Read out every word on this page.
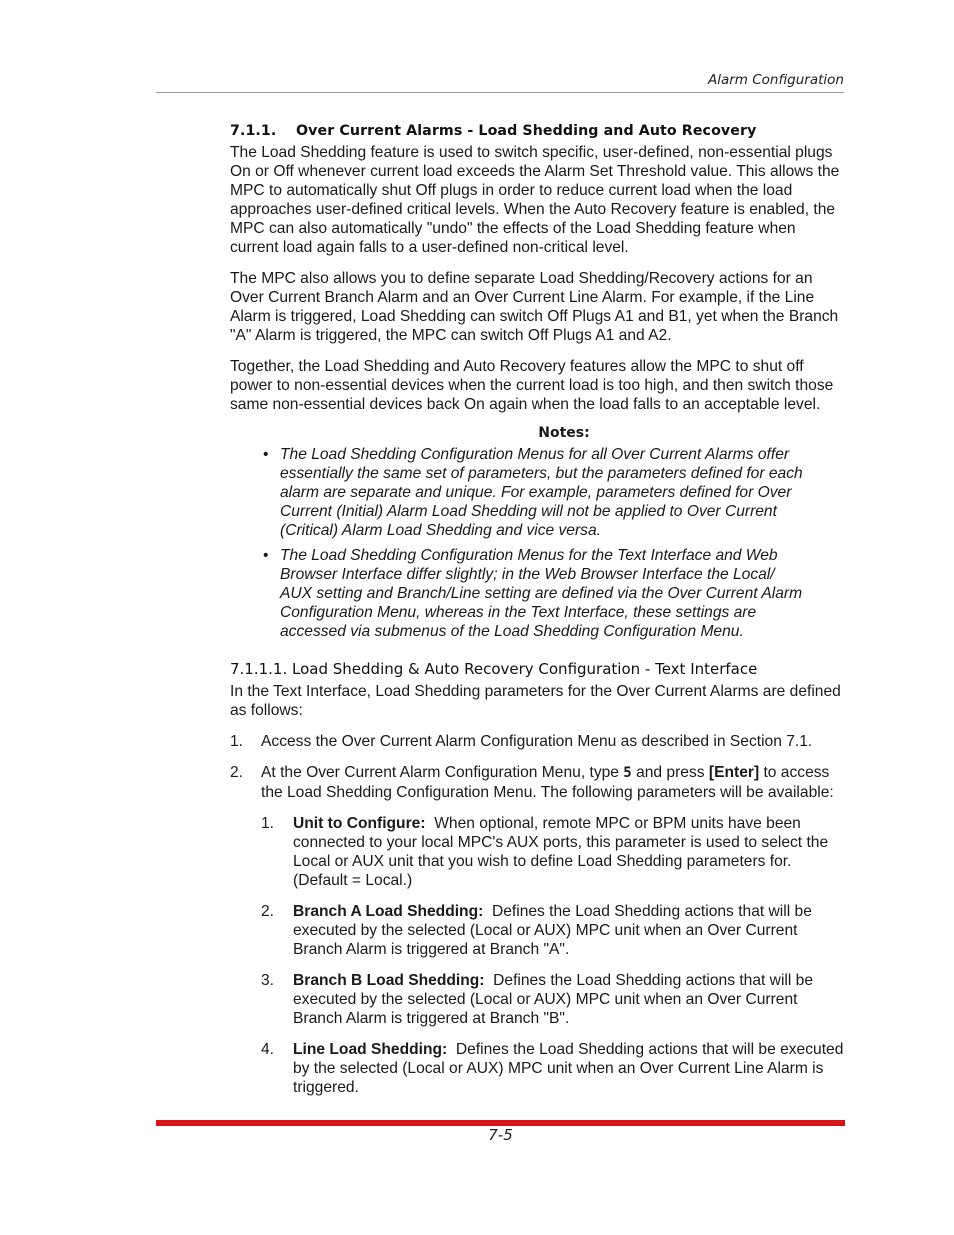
Alarm Configuration
7.1.1. Over Current Alarms - Load Shedding and Auto Recovery

The Load Shedding feature is used to switch specific, user-defined, non-essential plugs On or Off whenever current load exceeds the Alarm Set Threshold value. This allows the MPC to automatically shut Off plugs in order to reduce current load when the load approaches user-defined critical levels. When the Auto Recovery feature is enabled, the MPC can also automatically "undo" the effects of the Load Shedding feature when current load again falls to a user-defined non-critical level.

The MPC also allows you to define separate Load Shedding/Recovery actions for an Over Current Branch Alarm and an Over Current Line Alarm. For example, if the Line Alarm is triggered, Load Shedding can switch Off Plugs A1 and B1, yet when the Branch "A" Alarm is triggered, the MPC can switch Off Plugs A1 and A2.

Together, the Load Shedding and Auto Recovery features allow the MPC to shut off power to non-essential devices when the current load is too high, and then switch those same non-essential devices back On again when the load falls to an acceptable level.

Notes:
• The Load Shedding Configuration Menus for all Over Current Alarms offer essentially the same set of parameters, but the parameters defined for each alarm are separate and unique. For example, parameters defined for Over Current (Initial) Alarm Load Shedding will not be applied to Over Current (Critical) Alarm Load Shedding and vice versa.
• The Load Shedding Configuration Menus for the Text Interface and Web Browser Interface differ slightly; in the Web Browser Interface the Local/ AUX setting and Branch/Line setting are defined via the Over Current Alarm Configuration Menu, whereas in the Text Interface, these settings are accessed via submenus of the Load Shedding Configuration Menu.
7.1.1.1. Load Shedding & Auto Recovery Configuration - Text Interface

In the Text Interface, Load Shedding parameters for the Over Current Alarms are defined as follows:

1. Access the Over Current Alarm Configuration Menu as described in Section 7.1.
2. At the Over Current Alarm Configuration Menu, type 5 and press [Enter] to access the Load Shedding Configuration Menu. The following parameters will be available:
1. Unit to Configure:  When optional, remote MPC or BPM units have been connected to your local MPC's AUX ports, this parameter is used to select the Local or AUX unit that you wish to define Load Shedding parameters for. (Default = Local.)
2. Branch A Load Shedding:  Defines the Load Shedding actions that will be executed by the selected (Local or AUX) MPC unit when an Over Current Branch Alarm is triggered at Branch "A".
3. Branch B Load Shedding:  Defines the Load Shedding actions that will be executed by the selected (Local or AUX) MPC unit when an Over Current Branch Alarm is triggered at Branch "B".
4. Line Load Shedding:  Defines the Load Shedding actions that will be executed by the selected (Local or AUX) MPC unit when an Over Current Line Alarm is triggered.
7-5
